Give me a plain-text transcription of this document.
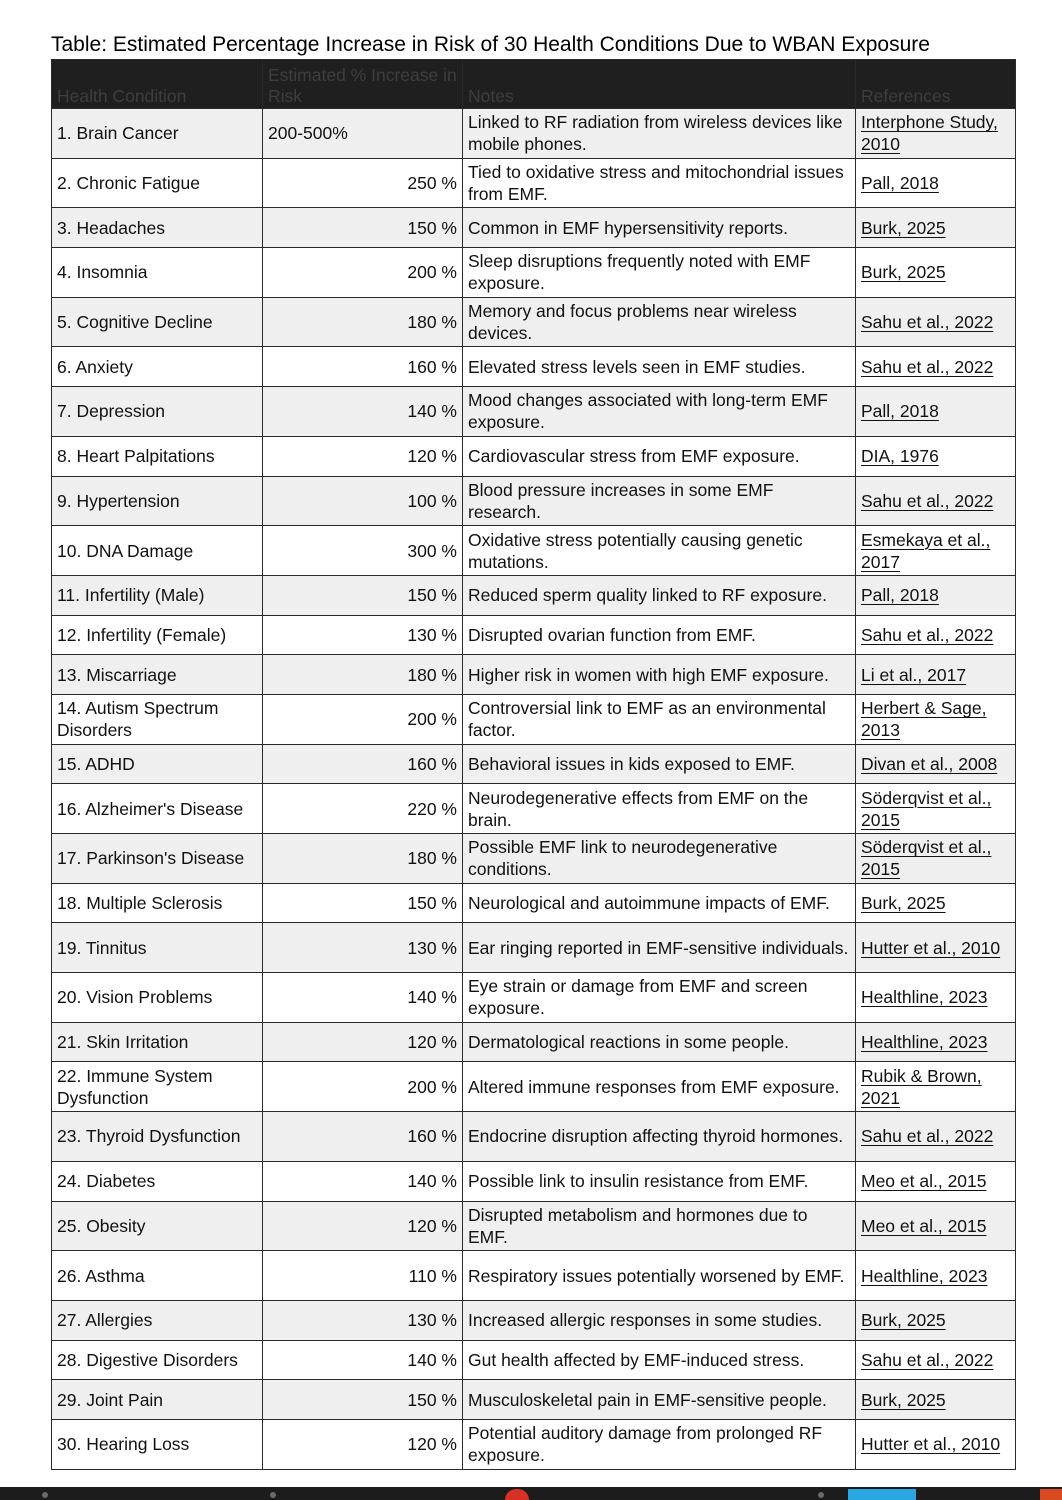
Table: Estimated Percentage Increase in Risk of 30 Health Conditions Due to WBAN Exposure
Health Condition	Estimated % Increase in Risk	Notes	References
1. Brain Cancer	200-500%	Linked to RF radiation from wireless devices like mobile phones.	Interphone Study, 2010
2. Chronic Fatigue	250 %	Tied to oxidative stress and mitochondrial issues from EMF.	Pall, 2018
3. Headaches	150 %	Common in EMF hypersensitivity reports.	Burk, 2025
4. Insomnia	200 %	Sleep disruptions frequently noted with EMF exposure.	Burk, 2025
5. Cognitive Decline	180 %	Memory and focus problems near wireless devices.	Sahu et al., 2022
6. Anxiety	160 %	Elevated stress levels seen in EMF studies.	Sahu et al., 2022
7. Depression	140 %	Mood changes associated with long-term EMF exposure.	Pall, 2018
8. Heart Palpitations	120 %	Cardiovascular stress from EMF exposure.	DIA, 1976
9. Hypertension	100 %	Blood pressure increases in some EMF research.	Sahu et al., 2022
10. DNA Damage	300 %	Oxidative stress potentially causing genetic mutations.	Esmekaya et al., 2017
11. Infertility (Male)	150 %	Reduced sperm quality linked to RF exposure.	Pall, 2018
12. Infertility (Female)	130 %	Disrupted ovarian function from EMF.	Sahu et al., 2022
13. Miscarriage	180 %	Higher risk in women with high EMF exposure.	Li et al., 2017
14. Autism Spectrum Disorders	200 %	Controversial link to EMF as an environmental factor.	Herbert & Sage, 2013
15. ADHD	160 %	Behavioral issues in kids exposed to EMF.	Divan et al., 2008
16. Alzheimer's Disease	220 %	Neurodegenerative effects from EMF on the brain.	Söderqvist et al., 2015
17. Parkinson's Disease	180 %	Possible EMF link to neurodegenerative conditions.	Söderqvist et al., 2015
18. Multiple Sclerosis	150 %	Neurological and autoimmune impacts of EMF.	Burk, 2025
19. Tinnitus	130 %	Ear ringing reported in EMF-sensitive individuals.	Hutter et al., 2010
20. Vision Problems	140 %	Eye strain or damage from EMF and screen exposure.	Healthline, 2023
21. Skin Irritation	120 %	Dermatological reactions in some people.	Healthline, 2023
22. Immune System Dysfunction	200 %	Altered immune responses from EMF exposure.	Rubik & Brown, 2021
23. Thyroid Dysfunction	160 %	Endocrine disruption affecting thyroid hormones.	Sahu et al., 2022
24. Diabetes	140 %	Possible link to insulin resistance from EMF.	Meo et al., 2015
25. Obesity	120 %	Disrupted metabolism and hormones due to EMF.	Meo et al., 2015
26. Asthma	110 %	Respiratory issues potentially worsened by EMF.	Healthline, 2023
27. Allergies	130 %	Increased allergic responses in some studies.	Burk, 2025
28. Digestive Disorders	140 %	Gut health affected by EMF-induced stress.	Sahu et al., 2022
29. Joint Pain	150 %	Musculoskeletal pain in EMF-sensitive people.	Burk, 2025
30. Hearing Loss	120 %	Potential auditory damage from prolonged RF exposure.	Hutter et al., 2010
